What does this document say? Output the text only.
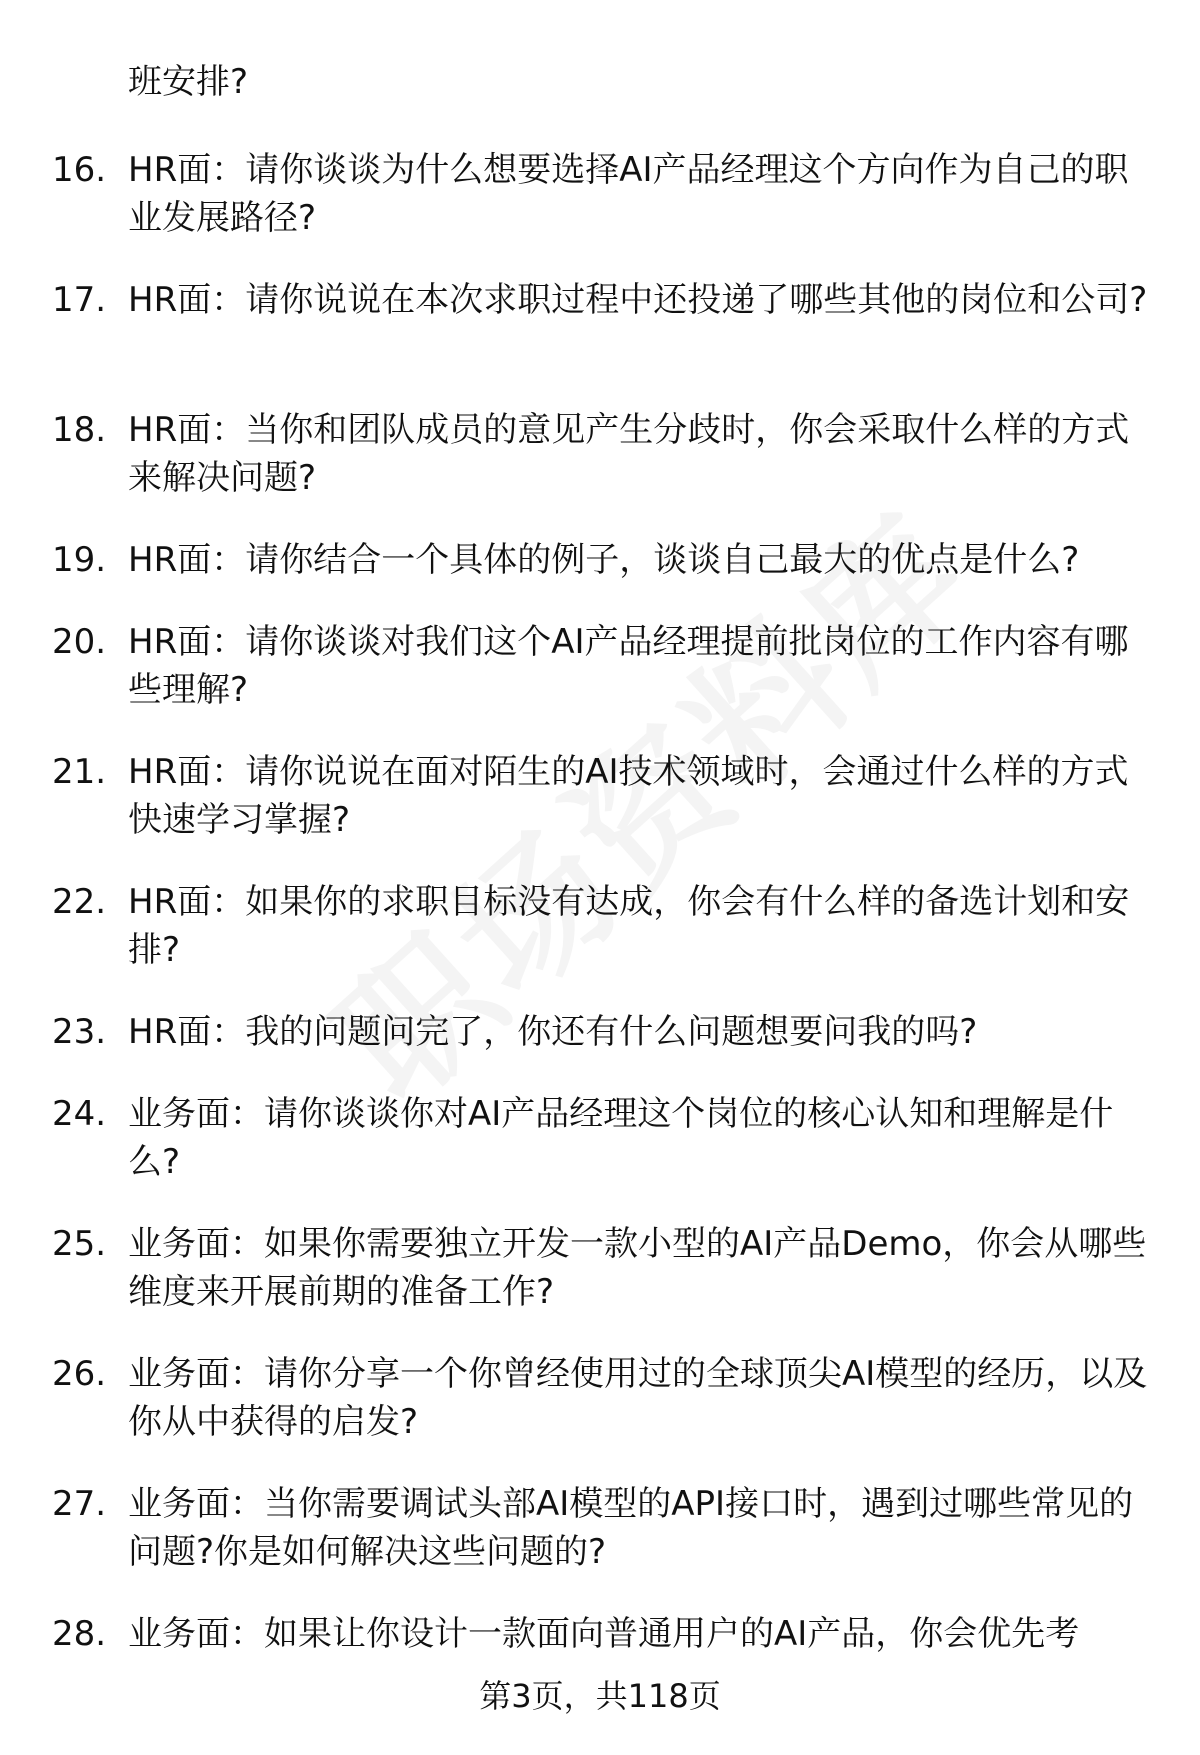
班安排?

16. HR面：请你谈谈为什么想要选择AI产品经理这个方向作为自己的职业发展路径?
17. HR面：请你说说在本次求职过程中还投递了哪些其他的岗位和公司?
18. HR面：当你和团队成员的意见产生分歧时，你会采取什么样的方式来解决问题?
19. HR面：请你结合一个具体的例子，谈谈自己最大的优点是什么?
20. HR面：请你谈谈对我们这个AI产品经理提前批岗位的工作内容有哪些理解?
21. HR面：请你说说在面对陌生的AI技术领域时，会通过什么样的方式快速学习掌握?
22. HR面：如果你的求职目标没有达成，你会有什么样的备选计划和安排?
23. HR面：我的问题问完了，你还有什么问题想要问我的吗?
24. 业务面：请你谈谈你对AI产品经理这个岗位的核心认知和理解是什么?
25. 业务面：如果你需要独立开发一款小型的AI产品Demo，你会从哪些维度来开展前期的准备工作?
26. 业务面：请你分享一个你曾经使用过的全球顶尖AI模型的经历，以及你从中获得的启发?
27. 业务面：当你需要调试头部AI模型的API接口时，遇到过哪些常见的问题?你是如何解决这些问题的?
28. 业务面：如果让你设计一款面向普通用户的AI产品，你会优先考
第3页，共118页
